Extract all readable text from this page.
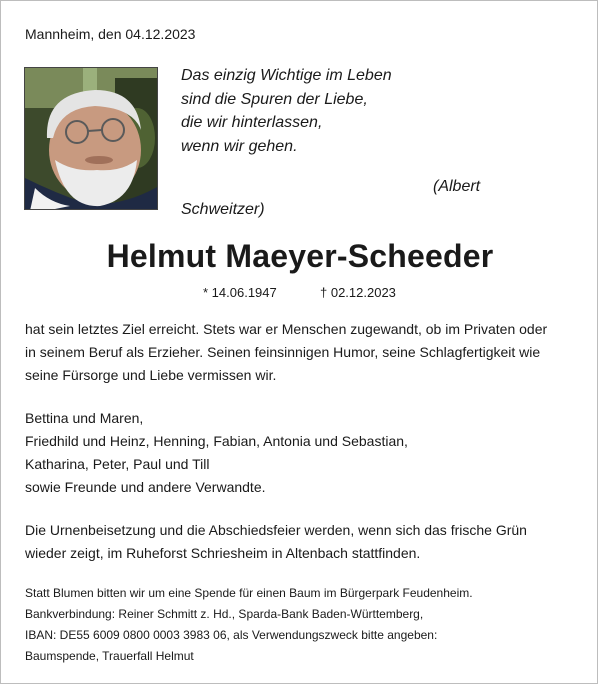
Mannheim, den 04.12.2023
Das einzig Wichtige im Leben
sind die Spuren der Liebe,
die wir hinterlassen,
wenn wir gehen.
(Albert
Schweitzer)
Helmut Maeyer-Scheeder
* 14.06.1947	† 02.12.2023
hat sein letztes Ziel erreicht. Stets war er Menschen zugewandt, ob im Privaten oder
in seinem Beruf als Erzieher. Seinen feinsinnigen Humor, seine Schlagfertigkeit wie
seine Fürsorge und Liebe vermissen wir.
Bettina und Maren,
Friedhild und Heinz, Henning, Fabian, Antonia und Sebastian,
Katharina, Peter, Paul und Till
sowie Freunde und andere Verwandte.
Die Urnenbeisetzung und die Abschiedsfeier werden, wenn sich das frische Grün
wieder zeigt, im Ruheforst Schriesheim in Altenbach stattfinden.
Statt Blumen bitten wir um eine Spende für einen Baum im Bürgerpark Feudenheim.
Bankverbindung: Reiner Schmitt z. Hd., Sparda-Bank Baden-Württemberg,
IBAN: DE55 6009 0800 0003 3983 06, als Verwendungszweck bitte angeben:
Baumspende, Trauerfall Helmut
